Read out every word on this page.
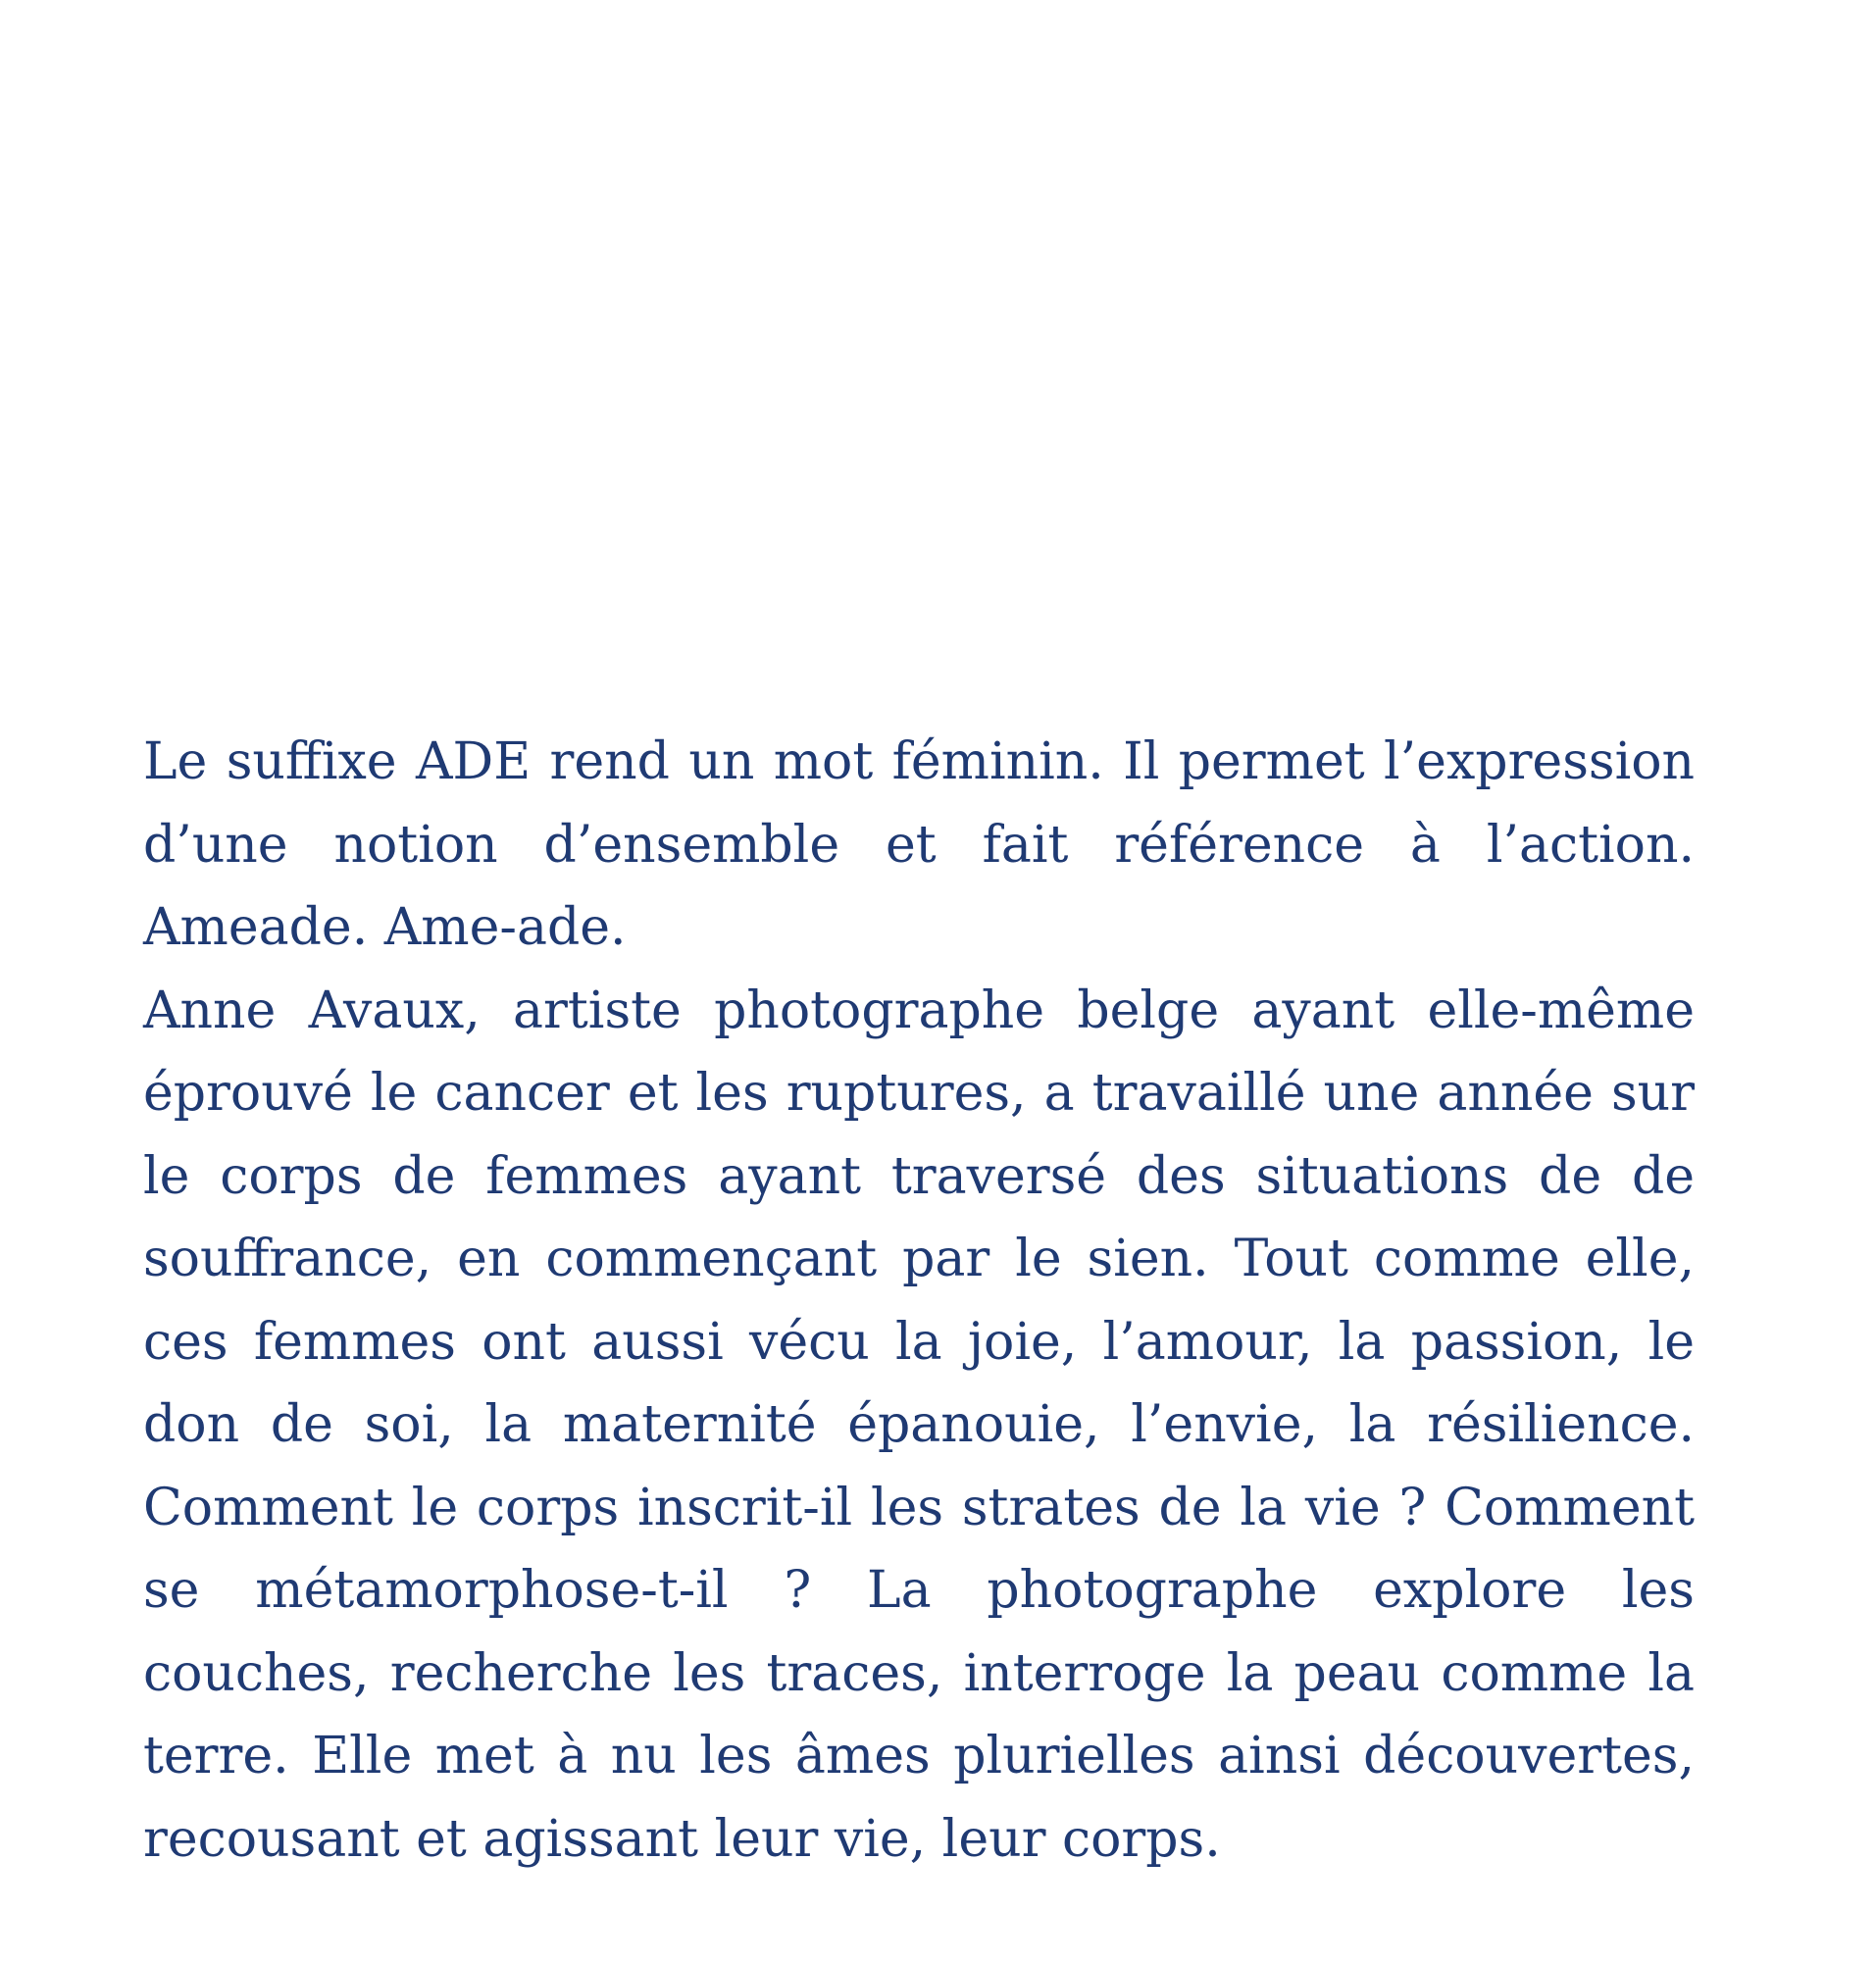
Le suffixe ADE rend un mot féminin. Il permet l’expression d’une notion d’ensemble et fait référence à l’action. Ameade. Ame-ade.

Anne Avaux, artiste photographe belge ayant elle-même éprouvé le cancer et les ruptures, a travaillé une année sur le corps de femmes ayant traversé des situations de de souffrance, en commençant par le sien. Tout comme elle, ces femmes ont aussi vécu la joie, l’amour, la passion, le don de soi, la maternité épanouie, l’envie, la résilience. Comment le corps inscrit-il les strates de la vie ? Comment se métamorphose-t-il ? La photographe explore les couches, recherche les traces, interroge la peau comme la terre. Elle met à nu les âmes plurielles ainsi découvertes, recousant et agissant leur vie, leur corps.
